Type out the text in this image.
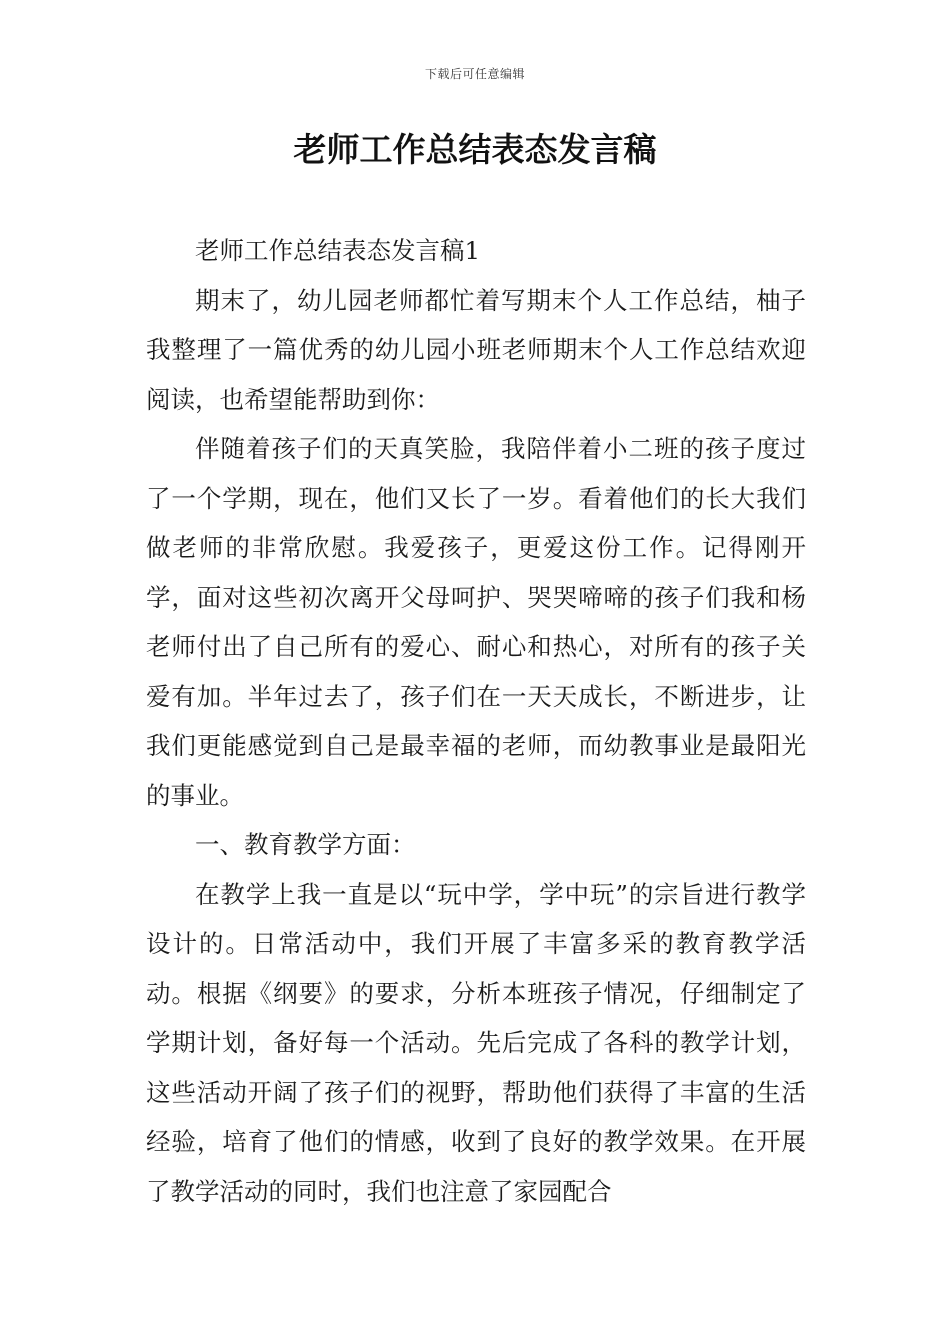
下载后可任意编辑
老师工作总结表态发言稿

老师工作总结表态发言稿1

期末了，幼儿园老师都忙着写期末个人工作总结，柚子我整理了一篇优秀的幼儿园小班老师期末个人工作总结欢迎阅读，也希望能帮助到你：

伴随着孩子们的天真笑脸，我陪伴着小二班的孩子度过了一个学期，现在，他们又长了一岁。看着他们的长大我们做老师的非常欣慰。我爱孩子，更爱这份工作。记得刚开学，面对这些初次离开父母呵护、哭哭啼啼的孩子们我和杨老师付出了自己所有的爱心、耐心和热心，对所有的孩子关爱有加。半年过去了，孩子们在一天天成长，不断进步，让我们更能感觉到自己是最幸福的老师，而幼教事业是最阳光的事业。

一、教育教学方面：

在教学上我一直是以“玩中学，学中玩”的宗旨进行教学设计的。日常活动中，我们开展了丰富多采的教育教学活动。根据《纲要》的要求，分析本班孩子情况，仔细制定了学期计划，备好每一个活动。先后完成了各科的教学计划，这些活动开阔了孩子们的视野，帮助他们获得了丰富的生活经验，培育了他们的情感，收到了良好的教学效果。在开展了教学活动的同时，我们也注意了家园配合
